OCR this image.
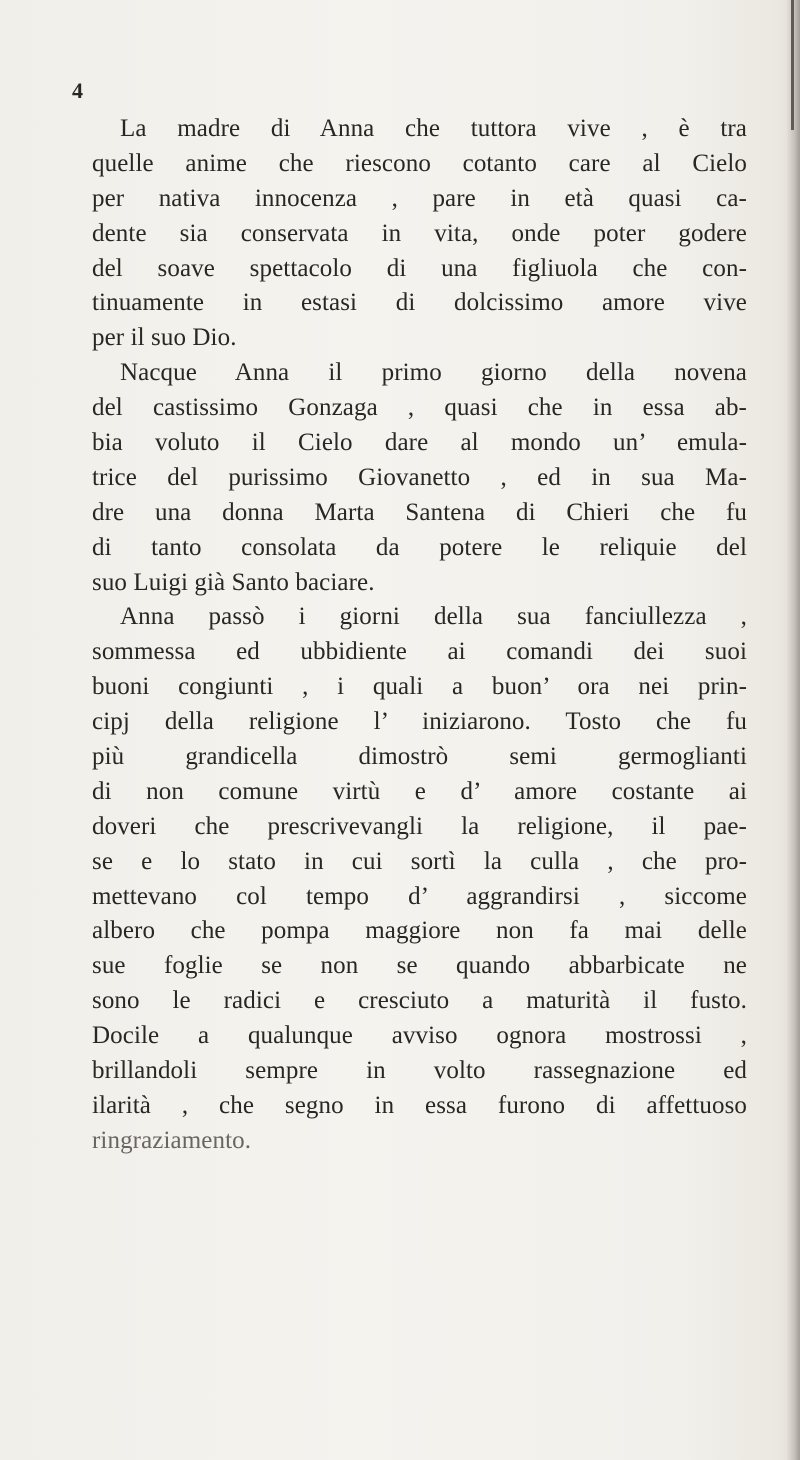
4
La madre di Anna che tuttora vive , è tra
quelle anime che riescono cotanto care al Cielo
per nativa innocenza , pare in età quasi ca-
dente sia conservata in vita, onde poter godere
del soave spettacolo di una figliuola che con-
tinuamente in estasi di dolcissimo amore vive
per il suo Dio.
Nacque Anna il primo giorno della novena
del castissimo Gonzaga , quasi che in essa ab-
bia voluto il Cielo dare al mondo un’ emula-
trice del purissimo Giovanetto , ed in sua Ma-
dre una donna Marta Santena di Chieri che fu
di tanto consolata da potere le reliquie del
suo Luigi già Santo baciare.
Anna passò i giorni della sua fanciullezza ,
sommessa ed ubbidiente ai comandi dei suoi
buoni congiunti , i quali a buon’ ora nei prin-
cipj della religione l’ iniziarono. Tosto che fu
più grandicella dimostrò semi germoglianti
di non comune virtù e d’ amore costante ai
doveri che prescrivevangli la religione, il pae-
se e lo stato in cui sortì la culla , che pro-
mettevano col tempo d’ aggrandirsi , siccome
albero che pompa maggiore non fa mai delle
sue foglie se non se quando abbarbicate ne
sono le radici e cresciuto a maturità il fusto.
Docile a qualunque avviso ognora mostrossi ,
brillandoli sempre in volto rassegnazione ed
ilarità , che segno in essa furono di affettuoso
ringraziamento.
